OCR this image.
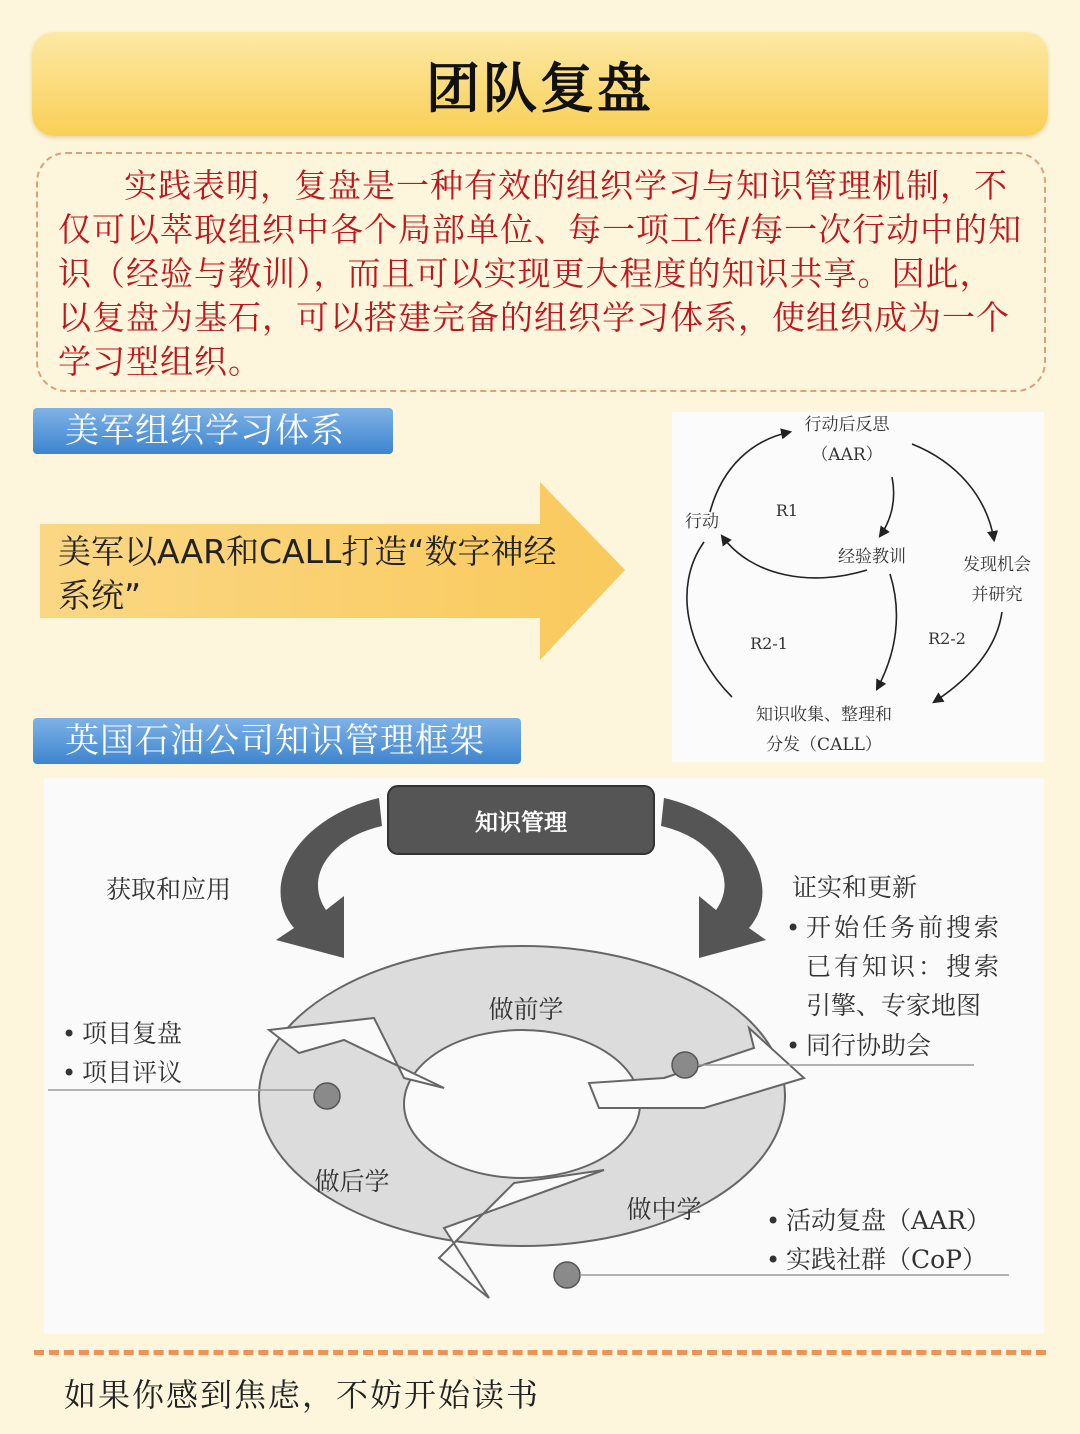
团队复盘

实践表明，复盘是一种有效的组织学习与知识管理机制，不仅可以萃取组织中各个局部单位、每一项工作/每一次行动中的知识（经验与教训），而且可以实现更大程度的知识共享。因此，以复盘为基石，可以搭建完备的组织学习体系，使组织成为一个学习型组织。

美军组织学习体系

美军以AAR和CALL打造“数字神经系统”

行动后反思
（AAR）
行动
R1
经验教训	发现机会
并研究
R2-1	R2-2
知识收集、整理和
分发（CALL）
英国石油公司知识管理框架
知识管理
做前学
做后学
做中学
获取和应用	证实和更新
• 开始任务前搜索
已有知识：搜索
引擎、专家地图
• 同行协助会
• 项目复盘
• 项目评议
• 活动复盘（AAR）
• 实践社群（CoP）

如果你感到焦虑，不妨开始读书
